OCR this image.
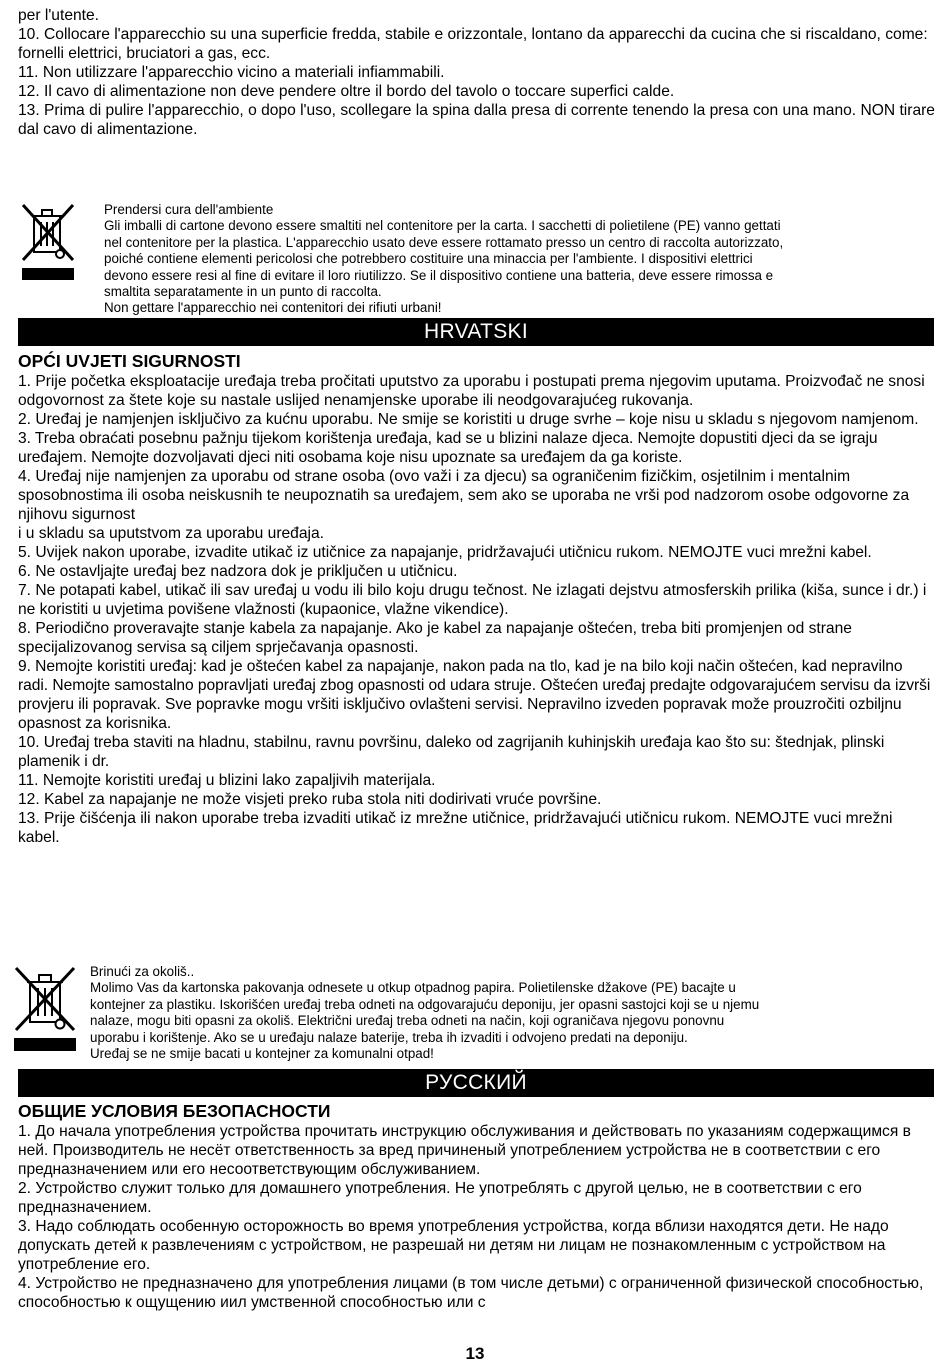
per l'utente.

10. Collocare l'apparecchio su una superficie fredda, stabile e orizzontale, lontano da apparecchi da cucina che si riscaldano, come: fornelli elettrici, bruciatori a gas, ecc.

11. Non utilizzare l'apparecchio vicino a materiali infiammabili.

12. Il cavo di alimentazione non deve pendere oltre il bordo del tavolo o toccare superfici calde.

13. Prima di pulire l'apparecchio, o dopo l'uso, scollegare la spina dalla presa di corrente tenendo la presa con una mano. NON tirare dal cavo di alimentazione.

Prendersi cura dell'ambiente
Gli imballi di cartone devono essere smaltiti nel contenitore per la carta. I sacchetti di polietilene (PE) vanno gettati
nel contenitore per la plastica. L'apparecchio usato deve essere rottamato presso un centro di raccolta autorizzato,
poiché contiene elementi pericolosi che potrebbero costituire una minaccia per l'ambiente. I dispositivi elettrici
devono essere resi al fine di evitare il loro riutilizzo. Se il dispositivo contiene una batteria, deve essere rimossa e
smaltita separatamente in un punto di raccolta.
Non gettare l'apparecchio nei contenitori dei rifiuti urbani!
HRVATSKI
OPĆI UVJETI SIGURNOSTI

1. Prije početka eksploatacije uređaja treba pročitati uputstvo za uporabu i postupati prema njegovim uputama. Proizvođač ne snosi odgovornost za štete koje su nastale uslijed nenamjenske uporabe ili neodgovarajućeg rukovanja.

2. Uređaj je namjenjen isključivo za kućnu uporabu. Ne smije se koristiti u druge svrhe – koje nisu u skladu s njegovom namjenom.

3. Treba obraćati posebnu pažnju tijekom korištenja uređaja, kad se u blizini nalaze djeca. Nemojte dopustiti djeci da se igraju uređajem. Nemojte dozvoljavati djeci niti osobama koje nisu upoznate sa uređajem da ga koriste.

4. Uređaj nije namjenjen za uporabu od strane osoba (ovo važi i za djecu) sa ograničenim fizičkim, osjetilnim i mentalnim sposobnostima ili osoba neiskusnih te neupoznatih sa uređajem, sem ako se uporaba ne vrši pod nadzorom osobe odgovorne za njihovu sigurnost

i u skladu sa uputstvom za uporabu uređaja.

5. Uvijek nakon uporabe, izvadite utikač iz utičnice za napajanje, pridržavajući utičnicu rukom. NEMOJTE vuci mrežni kabel.

6. Ne ostavljajte uređaj bez nadzora dok je priključen u utičnicu.

7. Ne potapati kabel, utikač ili sav uređaj u vodu ili bilo koju drugu tečnost. Ne izlagati dejstvu atmosferskih prilika (kiša, sunce i dr.) i ne koristiti u uvjetima povišene vlažnosti (kupaonice, vlažne vikendice).

8. Periodično proveravajte stanje kabela za napajanje. Ako je kabel za napajanje oštećen, treba biti promjenjen od strane specijalizovanog servisa są ciljem sprječavanja opasnosti.

9. Nemojte koristiti uređaj: kad je oštećen kabel za napajanje, nakon pada na tlo, kad je na bilo koji način oštećen, kad nepravilno radi. Nemojte samostalno popravljati uređaj zbog opasnosti od udara struje. Oštećen uređaj predajte odgovarajućem servisu da izvrši provjeru ili popravak. Sve popravke mogu vršiti isključivo ovlašteni servisi. Nepravilno izveden popravak može prouzročiti ozbiljnu opasnost za korisnika.

10. Uređaj treba staviti na hladnu, stabilnu, ravnu površinu, daleko od zagrijanih kuhinjskih uređaja kao što su: štednjak, plinski plamenik i dr.

11. Nemojte koristiti uređaj u blizini lako zapaljivih materijala.

12. Kabel za napajanje ne može visjeti preko ruba stola niti dodirivati vruće površine.

13. Prije čišćenja ili nakon uporabe treba izvaditi utikač iz mrežne utičnice, pridržavajući utičnicu rukom. NEMOJTE vuci mrežni kabel.

Brinući za okoliš..
Molimo Vas da kartonska pakovanja odnesete u otkup otpadnog papira. Polietilenske džakove (PE) bacajte u
kontejner za plastiku. Iskorišćen uređaj treba odneti na odgovarajuću deponiju, jer opasni sastojci koji se u njemu
nalaze, mogu biti opasni za okoliš. Električni uređaj treba odneti na način, koji ograničava njegovu ponovnu
uporabu i korištenje. Ako se u uređaju nalaze baterije, treba ih izvaditi i odvojeno predati na deponiju.
Uređaj se ne smije bacati u kontejner za komunalni otpad!
РУССКИЙ
ОБЩИЕ УСЛОВИЯ БЕЗОПАСНОСТИ

1. До начала употребления устройства прочитать инструкцию обслуживания и действовать по указаниям содержащимся в ней. Производитель не несёт ответственность за вред причиненый употреблением устройства не в соответствии с его предназначением или его несоответствующим обслуживанием.

2. Устройство служит только для домашнего употребления. Не употреблять с другой целью, не в соответствии с его предназначением.

3. Надо соблюдать особенную осторожность во время употребления устройства, когда вблизи находятся дети. Не надо допускать детей к развлечениям с устройством, не разрешай ни детям ни лицам не познакомленным с устройством на употребление его.

4. Устройство не предназначено для употребления лицами (в том числе детьми) с ограниченной физической способностью, способностью к ощущению иил умственной способностью или с

13
